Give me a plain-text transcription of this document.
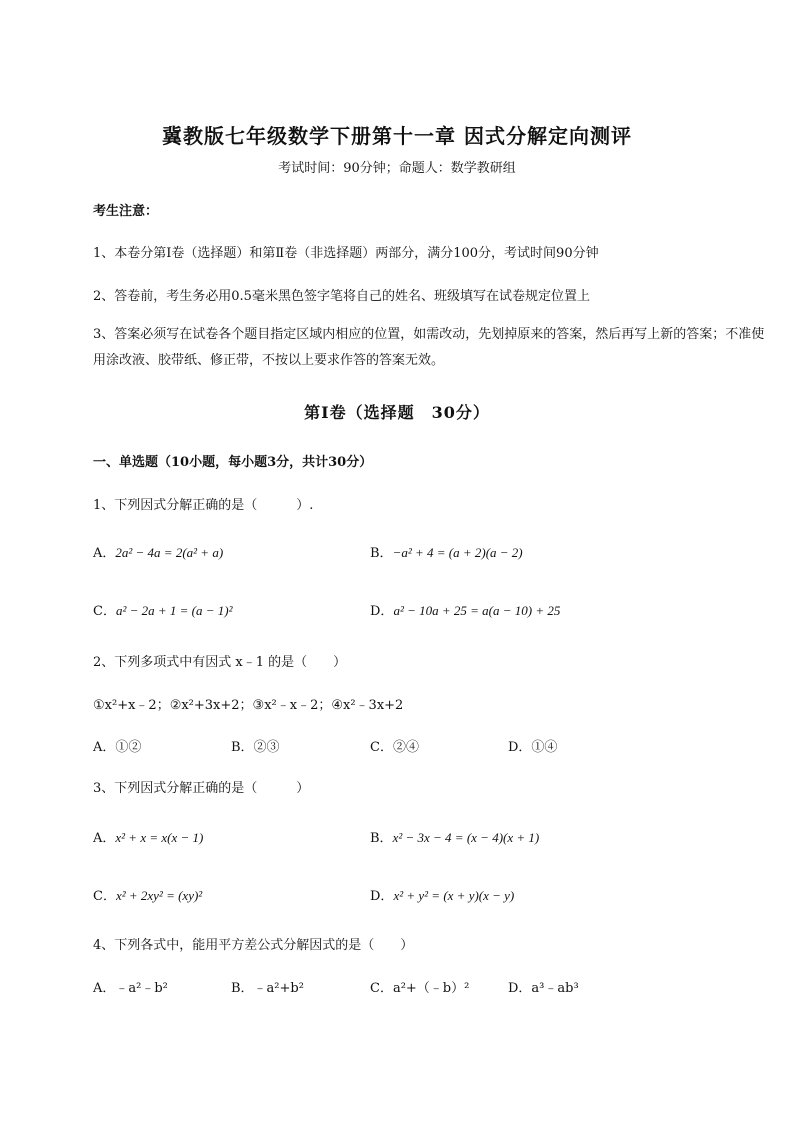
冀教版七年级数学下册第十一章 因式分解定向测评
考试时间：90分钟；命题人：数学教研组
考生注意：
1、本卷分第I卷（选择题）和第Ⅱ卷（非选择题）两部分，满分100分，考试时间90分钟
2、答卷前，考生务必用0.5毫米黑色签字笔将自己的姓名、班级填写在试卷规定位置上
3、答案必须写在试卷各个题目指定区域内相应的位置，如需改动，先划掉原来的答案，然后再写上新的答案；不准使用涂改液、胶带纸、修正带，不按以上要求作答的答案无效。
第I卷（选择题　30分）
一、单选题（10小题，每小题3分，共计30分）
1、下列因式分解正确的是（　　　）.
A．2a² − 4a = 2(a² + a)	B．−a² + 4 = (a + 2)(a − 2)
C．a² − 2a + 1 = (a − 1)²	D．a² − 10a + 25 = a(a − 10) + 25
2、下列多项式中有因式 x﹣1 的是（　　）
①x²+x﹣2；②x²+3x+2；③x²﹣x﹣2；④x²﹣3x+2
A．①②	B．②③	C．②④	D．①④
3、下列因式分解正确的是（　　　）
A．x² + x = x(x − 1)	B．x² − 3x − 4 = (x − 4)(x + 1)
C．x² + 2xy² = (xy)²	D．x² + y² = (x + y)(x − y)
4、下列各式中，能用平方差公式分解因式的是（　　）
A．﹣a²﹣b²	B．﹣a²+b²	C．a²+（﹣b）²	D．a³﹣ab³
